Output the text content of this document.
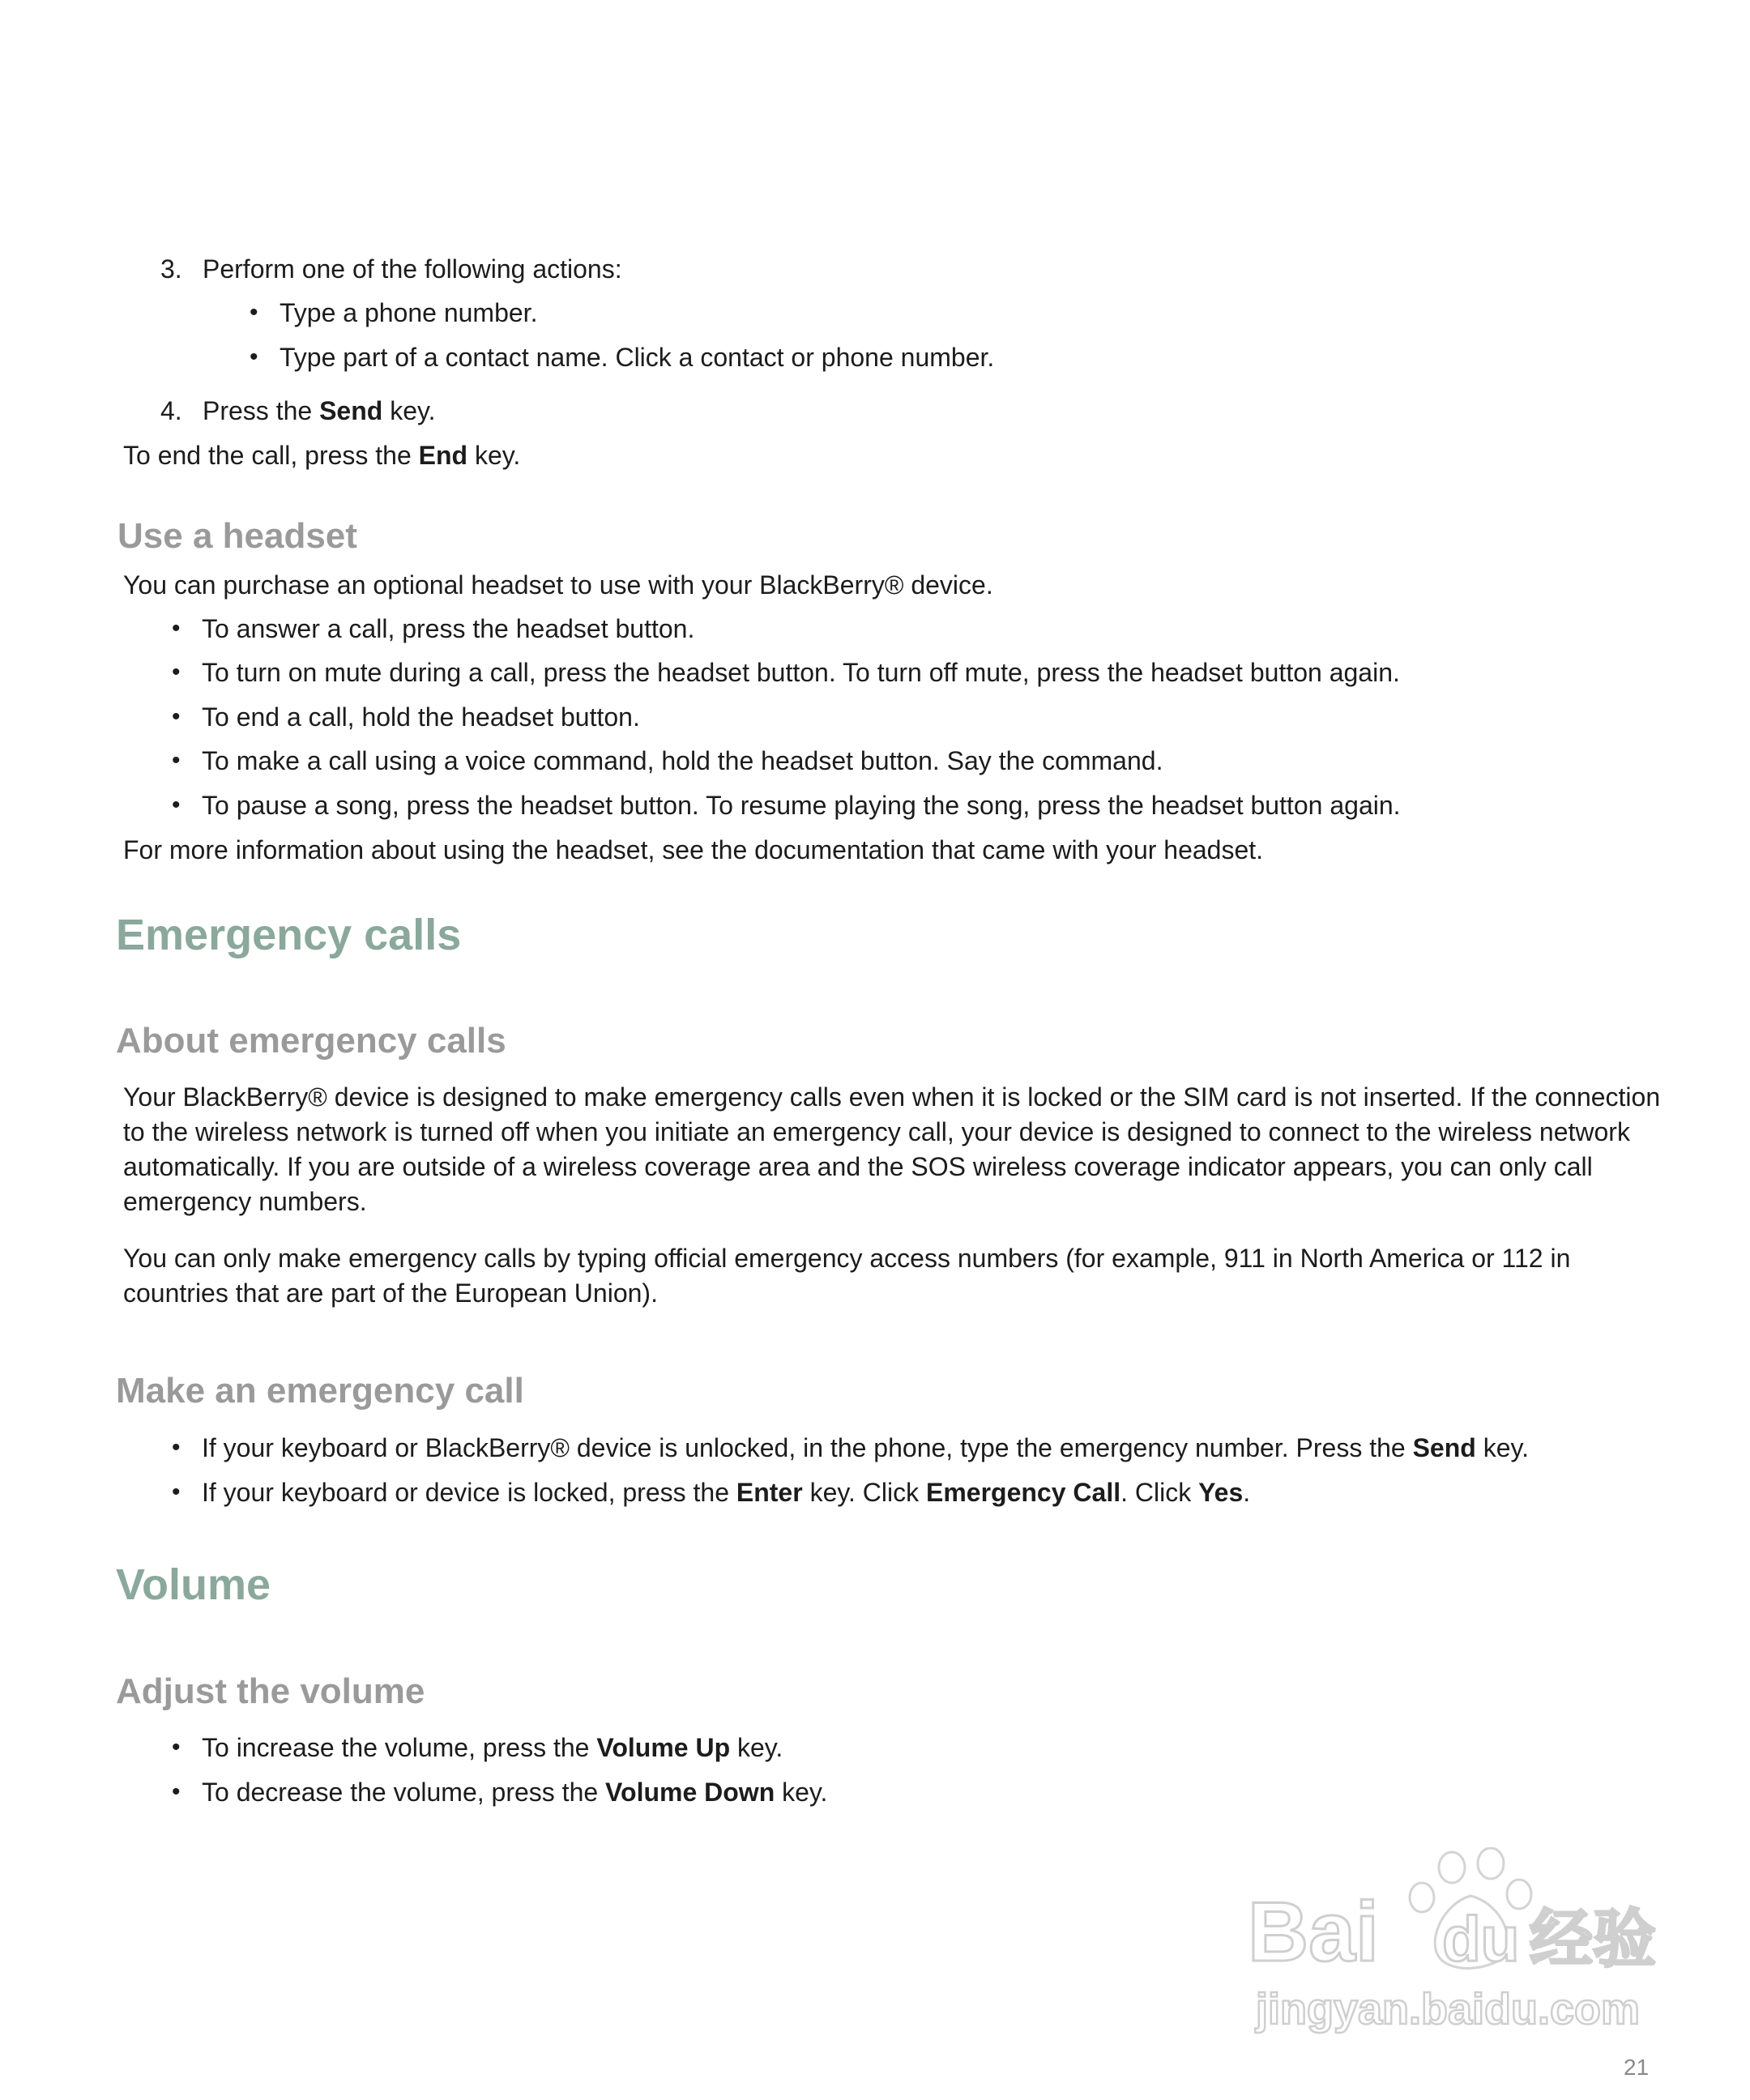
3. Perform one of the following actions:
• Type a phone number.
• Type part of a contact name. Click a contact or phone number.
4. Press the Send key.
To end the call, press the End key.
Use a headset
You can purchase an optional headset to use with your BlackBerry® device.
• To answer a call, press the headset button.
• To turn on mute during a call, press the headset button. To turn off mute, press the headset button again.
• To end a call, hold the headset button.
• To make a call using a voice command, hold the headset button. Say the command.
• To pause a song, press the headset button. To resume playing the song, press the headset button again.
For more information about using the headset, see the documentation that came with your headset.
Emergency calls
About emergency calls
Your BlackBerry® device is designed to make emergency calls even when it is locked or the SIM card is not inserted. If the connection to the wireless network is turned off when you initiate an emergency call, your device is designed to connect to the wireless network automatically. If you are outside of a wireless coverage area and the SOS wireless coverage indicator appears, you can only call emergency numbers.
You can only make emergency calls by typing official emergency access numbers (for example, 911 in North America or 112 in countries that are part of the European Union).
Make an emergency call
• If your keyboard or BlackBerry® device is unlocked, in the phone, type the emergency number. Press the Send key.
• If your keyboard or device is locked, press the Enter key. Click Emergency Call. Click Yes.
Volume
Adjust the volume
• To increase the volume, press the Volume Up key.
• To decrease the volume, press the Volume Down key.
Bai du 经验
jingyan.baidu.com
21
